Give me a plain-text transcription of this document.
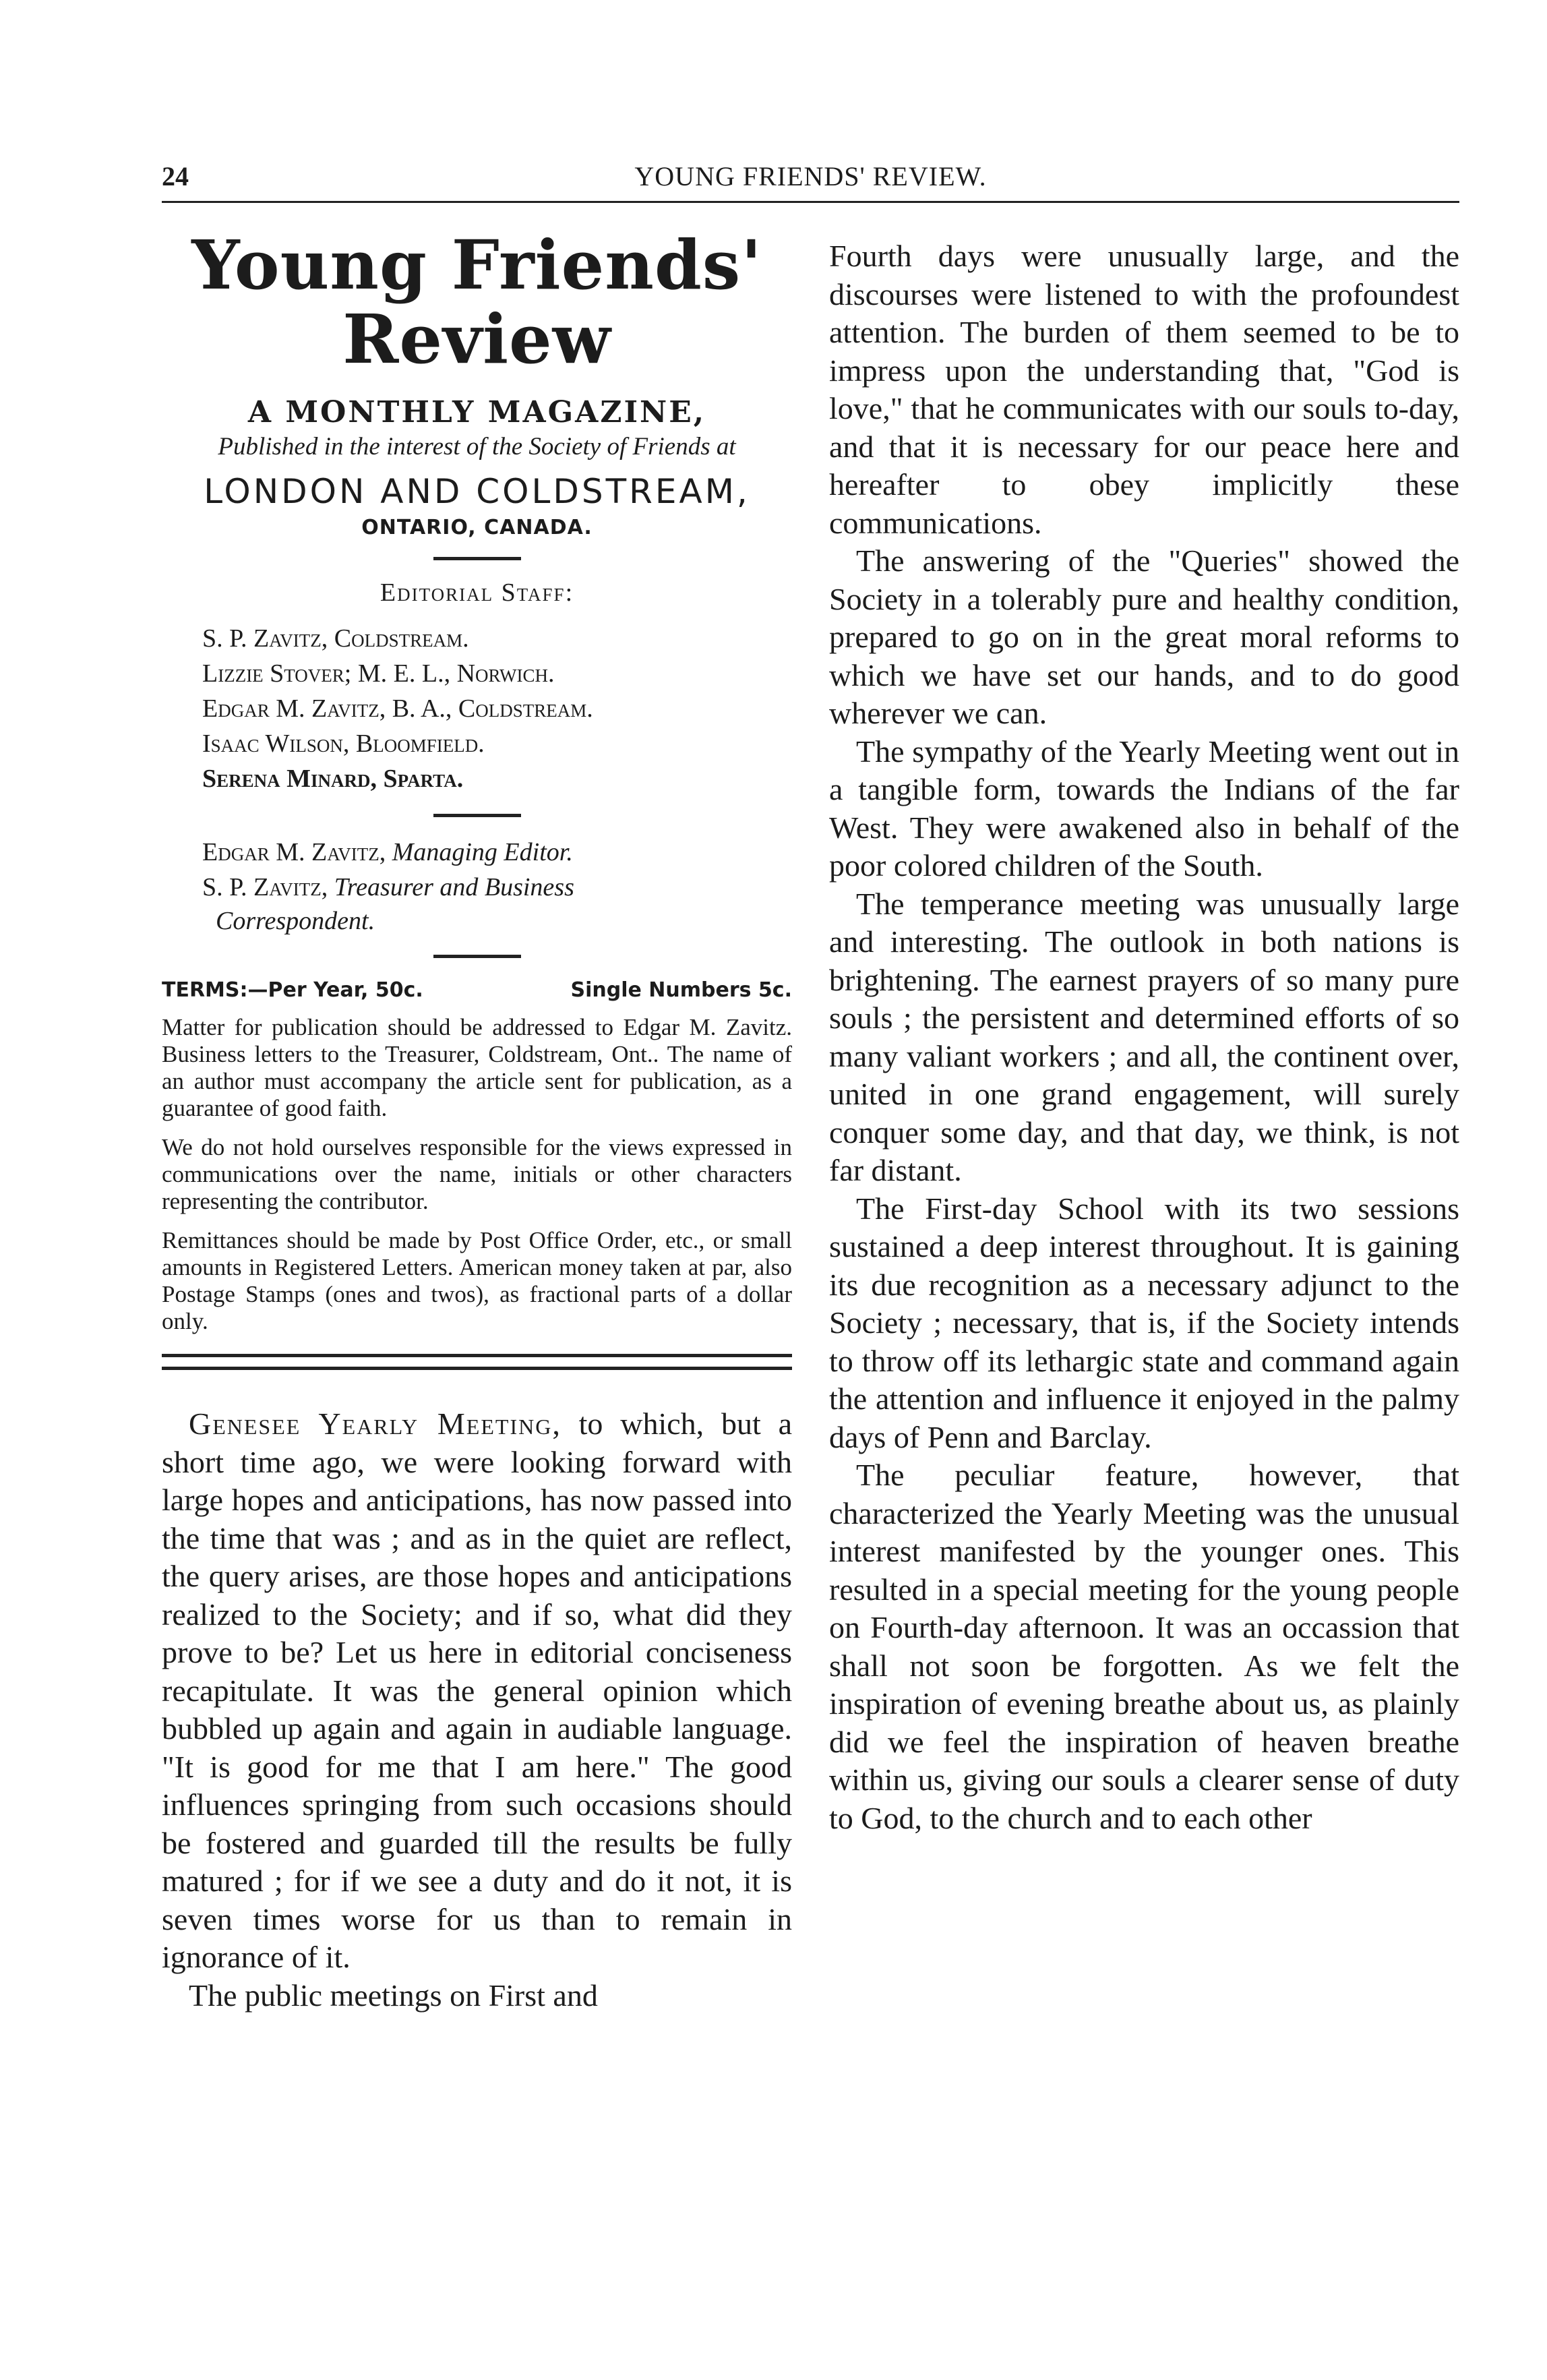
24	YOUNG FRIENDS' REVIEW.
Young Friends' Review
A MONTHLY MAGAZINE,
Published in the interest of the Society of Friends at
LONDON AND COLDSTREAM,
ONTARIO, CANADA.
Editorial Staff:
S. P. Zavitz, Coldstream.
Lizzie Stover; M. E. L., Norwich.
Edgar M. Zavitz, B. A., Coldstream.
Isaac Wilson, Bloomfield.
Serena Minard, Sparta.
Edgar M. Zavitz, Managing Editor.
S. P. Zavitz, Treasurer and Business
Correspondent.
TERMS:—Per Year, 50c.	Single Numbers 5c.
Matter for publication should be addressed to Edgar M. Zavitz. Business letters to the Treasurer, Coldstream, Ont.. The name of an author must accompany the article sent for publication, as a guarantee of good faith.
We do not hold ourselves responsible for the views expressed in communications over the name, initials or other characters representing the contributor.
Remittances should be made by Post Office Order, etc., or small amounts in Registered Letters. American money taken at par, also Postage Stamps (ones and twos), as fractional parts of a dollar only.

Genesee Yearly Meeting, to which, but a short time ago, we were looking forward with large hopes and anticipations, has now passed into the time that was ; and as in the quiet are reflect, the query arises, are those hopes and anticipations realized to the Society; and if so, what did they prove to be? Let us here in editorial conciseness recapitulate. It was the general opinion which bubbled up again and again in audiable language. "It is good for me that I am here." The good influences springing from such occasions should be fostered and guarded till the results be fully matured ; for if we see a duty and do it not, it is seven times worse for us than to remain in ignorance of it.

The public meetings on First and

Fourth days were unusually large, and the discourses were listened to with the profoundest attention. The burden of them seemed to be to impress upon the understanding that, "God is love," that he communicates with our souls to-day, and that it is necessary for our peace here and hereafter to obey implicitly these communications.

The answering of the "Queries" showed the Society in a tolerably pure and healthy condition, prepared to go on in the great moral reforms to which we have set our hands, and to do good wherever we can.

The sympathy of the Yearly Meeting went out in a tangible form, towards the Indians of the far West. They were awakened also in behalf of the poor colored children of the South.

The temperance meeting was unusually large and interesting. The outlook in both nations is brightening. The earnest prayers of so many pure souls ; the persistent and determined efforts of so many valiant workers ; and all, the continent over, united in one grand engagement, will surely conquer some day, and that day, we think, is not far distant.

The First-day School with its two sessions sustained a deep interest throughout. It is gaining its due recognition as a necessary adjunct to the Society ; necessary, that is, if the Society intends to throw off its lethargic state and command again the attention and influence it enjoyed in the palmy days of Penn and Barclay.

The peculiar feature, however, that characterized the Yearly Meeting was the unusual interest manifested by the younger ones. This resulted in a special meeting for the young people on Fourth-day afternoon. It was an occassion that shall not soon be forgotten. As we felt the inspiration of evening breathe about us, as plainly did we feel the inspiration of heaven breathe within us, giving our souls a clearer sense of duty to God, to the church and to each other
